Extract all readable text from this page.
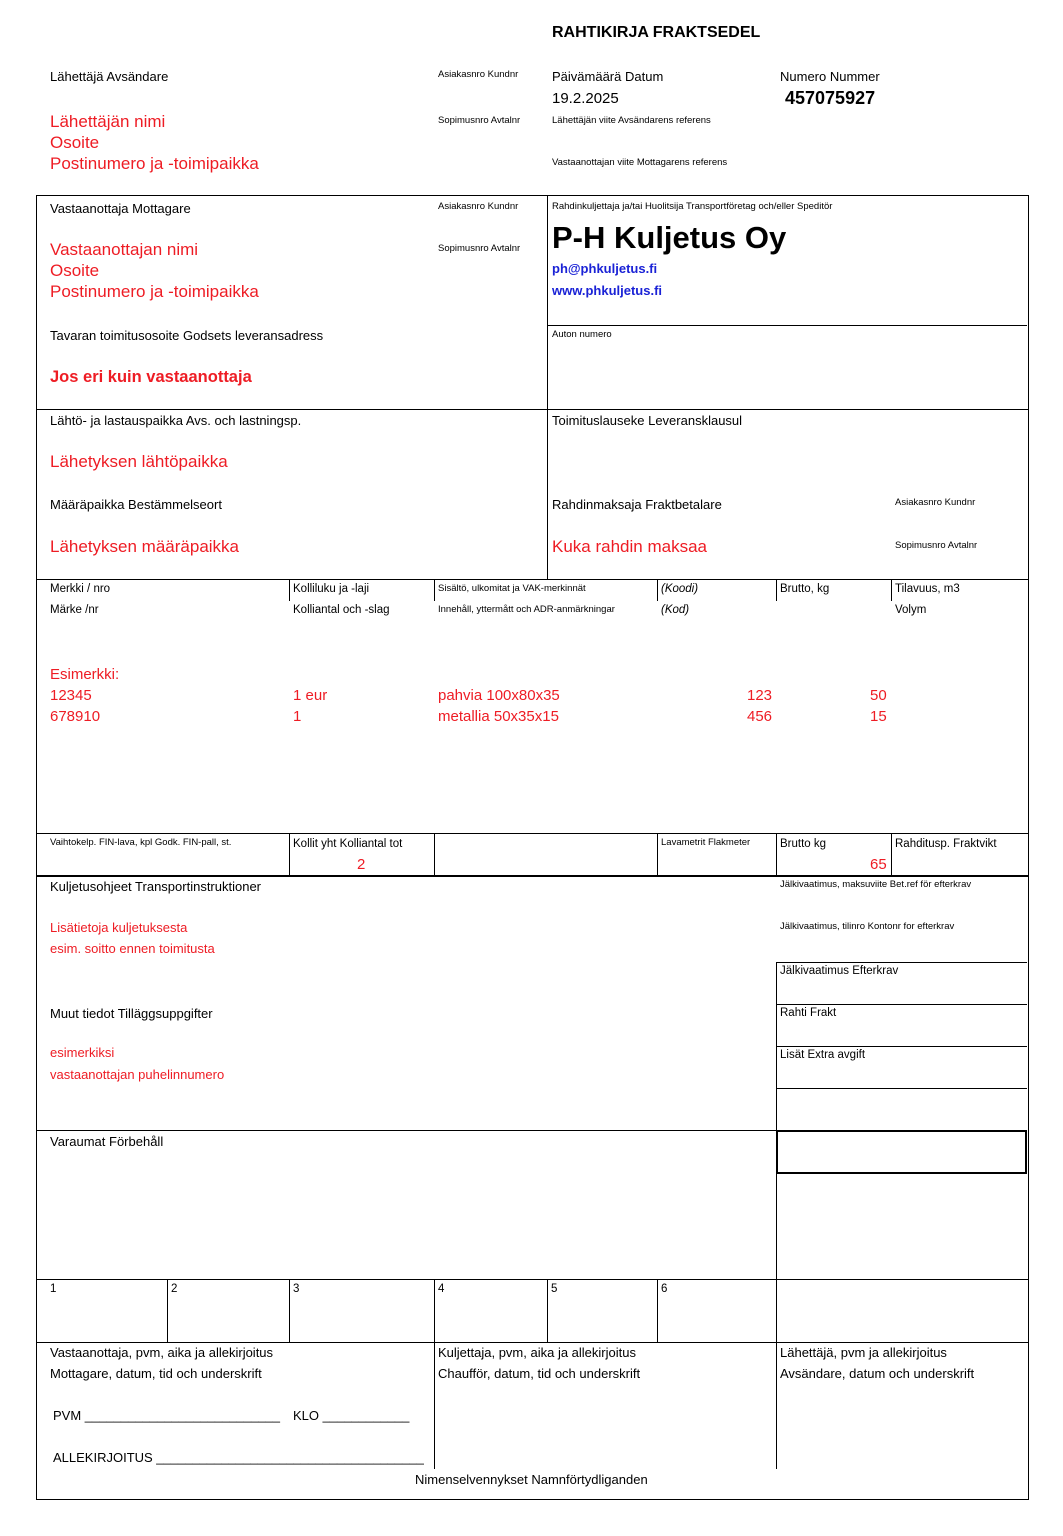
RAHTIKIRJA FRAKTSEDEL
Lähettäjä Avsändare	Asiakasnro Kundnr
Sopimusnro Avtalnr
Päivämäärä Datum
19.2.2025
Numero Nummer
457075927
Lähettäjän viite Avsändarens referens
Vastaanottajan viite Mottagarens referens
Lähettäjän nimi
Osoite
Postinumero ja -toimipaikka
Vastaanottaja Mottagare	Asiakasnro Kundnr
Sopimusnro Avtalnr
Vastaanottajan nimi
Osoite
Postinumero ja -toimipaikka
Tavaran toimitusosoite Godsets leveransadress
Jos eri kuin vastaanottaja
Rahdinkuljettaja ja/tai Huolitsija Transportföretag och/eller Speditör
P-H Kuljetus Oy
ph@phkuljetus.fi
www.phkuljetus.fi
Auton numero
Lähtö- ja lastauspaikka Avs. och lastningsp.
Lähetyksen lähtöpaikka
Määräpaikka Bestämmelseort
Lähetyksen määräpaikka
Toimituslauseke Leveransklausul
Rahdinmaksaja Fraktbetalare
Kuka rahdin maksaa
Asiakasnro Kundnr
Sopimusnro Avtalnr
Merkki / nro
Märke /nr
Kolliluku ja -laji
Kolliantal och -slag
Sisältö, ulkomitat ja VAK-merkinnät
Innehåll, yttermått och ADR-anmärkningar
(Koodi)
(Kod)
Brutto, kg	Tilavuus, m3
Volym
Esimerkki:
12345	1 eur	pahvia 100x80x35	123	50
678910	1	metallia 50x35x15	456	15
Vaihtokelp. FIN-lava, kpl Godk. FIN-pall, st.	Kollit yht Kolliantal tot
2
Lavametrit Flakmeter	Brutto kg
65
Rahditusp. Fraktvikt
Kuljetusohjeet Transportinstruktioner
Lisätietoja kuljetuksesta
esim. soitto ennen toimitusta
Muut tiedot Tilläggsuppgifter
esimerkiksi
vastaanottajan puhelinnumero
Jälkivaatimus, maksuviite Bet.ref för efterkrav
Jälkivaatimus, tilinro Kontonr for efterkrav
Jälkivaatimus Efterkrav
Rahti Frakt
Lisät Extra avgift
Varaumat Förbehåll
1	2	3	4	5	6
Vastaanottaja, pvm, aika ja allekirjoitus
Mottagare, datum, tid och underskrift
Kuljettaja, pvm, aika ja allekirjoitus
Chaufför, datum, tid och underskrift
Lähettäjä, pvm ja allekirjoitus
Avsändare, datum och underskrift
PVM ___________________________ KLO ____________
ALLEKIRJOITUS _____________________________________
Nimenselvennykset Namnförtydliganden
